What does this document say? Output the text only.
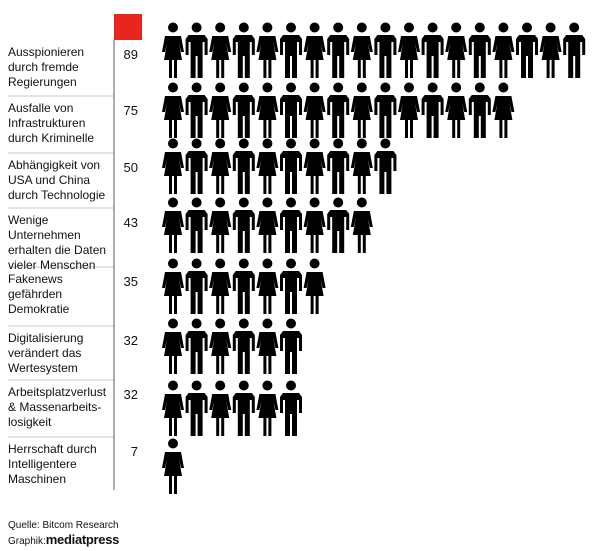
Ausspionieren
durch fremde
Regierungen
89
Ausfalle von
Infrastrukturen
durch Kriminelle
75
Abhängigkeit von
USA und China
durch Technologie
50
Wenige
Unternehmen
erhalten die Daten
vieler Menschen
43
Fakenews
gefährden
Demokratie
35
Digitalisierung
verändert das
Wertesystem
32
Arbeitsplatzverlust
& Massenarbeits-
losigkeit
32
Herrschaft durch
Intelligentere
Maschinen
7
Quelle: Bitcom Research
Graphik:mediatpress
